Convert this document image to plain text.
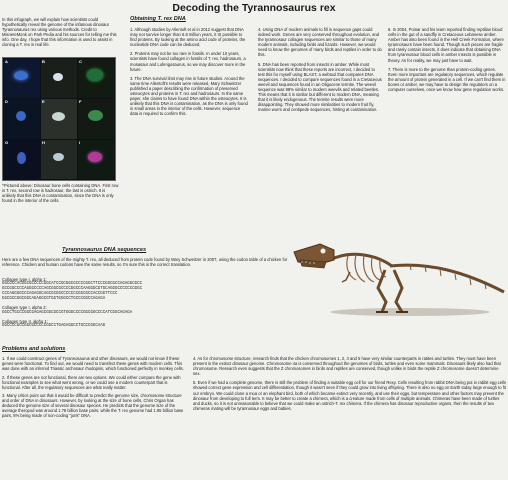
Decoding the Tyrannosaurus rex
In this infograph, we will explain how scientists could hypothetically reveal the genome of the infamous dinosaur Tyrannosaurus rex using various methods. Credit to MisnereMonk on Park Pedia and his sources for telling me this info. One day, I hope that this information is used to assist in cloning a T. rex in real life.
A	B	C
D	E	F
G	H	I
^Pictured above: Dinosaur bone cells containing DNA. First row is T. rex, second row is hadrosaur, the last is ostrich. It is unlikely that this DNA is contamination, since the DNA is only found in the interior of the cells.
Obtaining T. rex DNA

1. Although studies by Allentoft et al in 2012 suggest that DNA may not survive longer than 6.8 million years, it IS possible to find proteins. By looking at the amino acid code of proteins, the nucleotide DNA code can be deduced.

2. Proteins may not be too rare in fossils. In under 10 years, scientists have found collagen in fossils of T. rex, hadrosaurs, a mosasaur and Lufengosaurus, so we may discover more in the future.

3. The DNA survival limit may rise in future studies. Around the same time Allentoft's results were released, Mary Schweitzer published a paper describing the confirmation of preserved osteocytes and proteins in T. rex and hadrosaurs. In the same paper, she claims to have found DNA within the osteocytes. It is unlikely that this DNA is contamination, as the DNA is only found in small areas in the interior of the cells. However, sequence data is required to confirm this.

4. Using DNA of modern animals to fill in sequence gaps could indeed work. Genes are very conserved throughout evolution, and the tyrannosaur collagen sequences are similar to those of many modern animals, including birds and lizards. However, we would need to know the genomes of many birds and reptiles in order to do this.

5. DNA has been reported from insects in amber. While most scientists now think that these reports are incorrect, I decided to test this for myself using BLAST, a webtool that compares DNA sequences. I decided to compare sequences found in a Cretaceous weevil and sequences found in an Oligocene termite. The weevil sequence was 98% similar to modern weevils and related beetles. This means that it is similar but different to modern DNA, meaning that it is likely endogenous. The termite results were more disappointing. They showed more similarities to modern fruit fly, marine worm and centipede sequences, hinting at contamination.

6. In 2004, Poinar and his team reported finding reptilian blood cells in the gut of a sandfly in Cretaceous Lebanese amber. Amber has also been found in the Hell Creek Formation, where tyrannosaurs have been found. Though such pieces are fragile and rarely contain insects, it does indicate that obtaining DNA from tyrannosaur blood cells in amber insects is possible in theory. As for reality, we may just have to wait.

7. There is more to the genome than protein-coding genes. Even more important are regulatory sequences, which regulate the amount of protein generated in a cell. If we can't find them in bones or amber, we may have to design the regulators on a computer ourselves, once we know how gene regulation works.

Tyrannosaurus DNA sequences
Here are a few DNA sequences of the mighty T. rex, all deduced from protein code found by Mary Schweitzer in 2007, using the codon table of a chicken for reference. Chicken and human codons have the same results, so I'm sure this is the correct translation.
Collagen type I, alpha 1:
GGCGCCACGGCGCCCCCGGCATCCGCGGCGCCCCGGCTTCCCGGCGCCAGAGGCGCC
GCCGGCCCCAGGGCCCCAGCGGCGCCCCGGCCCAAGGGCGTGCAGGGCCCCCCCGGC
CCCAGGGGCCCAGAGGCAGCGCGGCCCCCCCGGCGCCACCGGTTCCC
GGCGCCGGCGGCAGAGGCGTGGTGGGCCTGCCCGGCCAGAGA
Collagen type I, alpha 2:
GGCCTGCCCGGCGAGAGCGGCGCCGTGGGCCCCGGCGGCCCCATCGGCAGAGA
Collagen type II, alpha 1:
GGCCCCGCCGGCGCCCCCGGCCTGAGAGGCCTGCCCGGCAAG
Problems and solutions

1. If we could construct genes of Tyrannosaurus and other dinosaurs, we would not know if these genes were functional. To find out, we would need to transfect these genes with modern cells. This was done with an inferred Triassic archosaur rhodopsin, which functioned perfectly in monkey cells.

2. If these genes are not functional, there are two options. We could either compare the gene with functional examples to see what went wrong, or we could use a modern counterpart that is functional. After all, the regulatory sequences are what really matter.

3. Many critics point out that it would be difficult to predict the genome size, chromosome structure and order of DNA in dinosaurs. However, by looking at the size of bone cells, Chris Organ has deduced the genome size of several dinosaur species. He predicts that the genome size of the average theropod was around 1.78 billion base pairs, while the T. rex genome had 1.95 billion base pairs, 8% being made of non-coding "junk" DNA.

4. As for chromosome structure, research finds that the chicken chromosomes 1, 2, 3 and 5 have very similar counterparts in ratites and turtles. They must have been present in the extinct dinosaur genome. Chromosome 4a is conserved throughout the genomes of birds, turtles and even some mammals. Dinosaurs likely also had that chromosome. Research even suggests that the Z chromosomes in birds and reptiles are conserved, though unlike in birds the reptile Z chromosome doesn't determine sex.

5. Even if we had a complete genome, there is still the problem of finding a suitable egg cell for our friend Rexy. Cells resulting from rabbit DNA being put in rabbit egg cells showed correct gene expression and cell differentiation, though it wasn't seen if they could grow into living offspring. There is also no egg on Earth today large enough to fit our embryo. We could clone a moa or an elephant bird, both of which became extinct very recently, and use their eggs, but temperature and other factors may prevent the dinosaur from developing to full term. It may be better to create a chimera, which is a creature made from cells of multiple animals. Chimeras have been made of turtles and ducks, so it is not unreasonable to believe that we could make an ostrich-T. rex chimera. If the chimera has dinosaur reproductive organs, then the results of two chimeras mating will be tyrannosaur eggs and babies.
